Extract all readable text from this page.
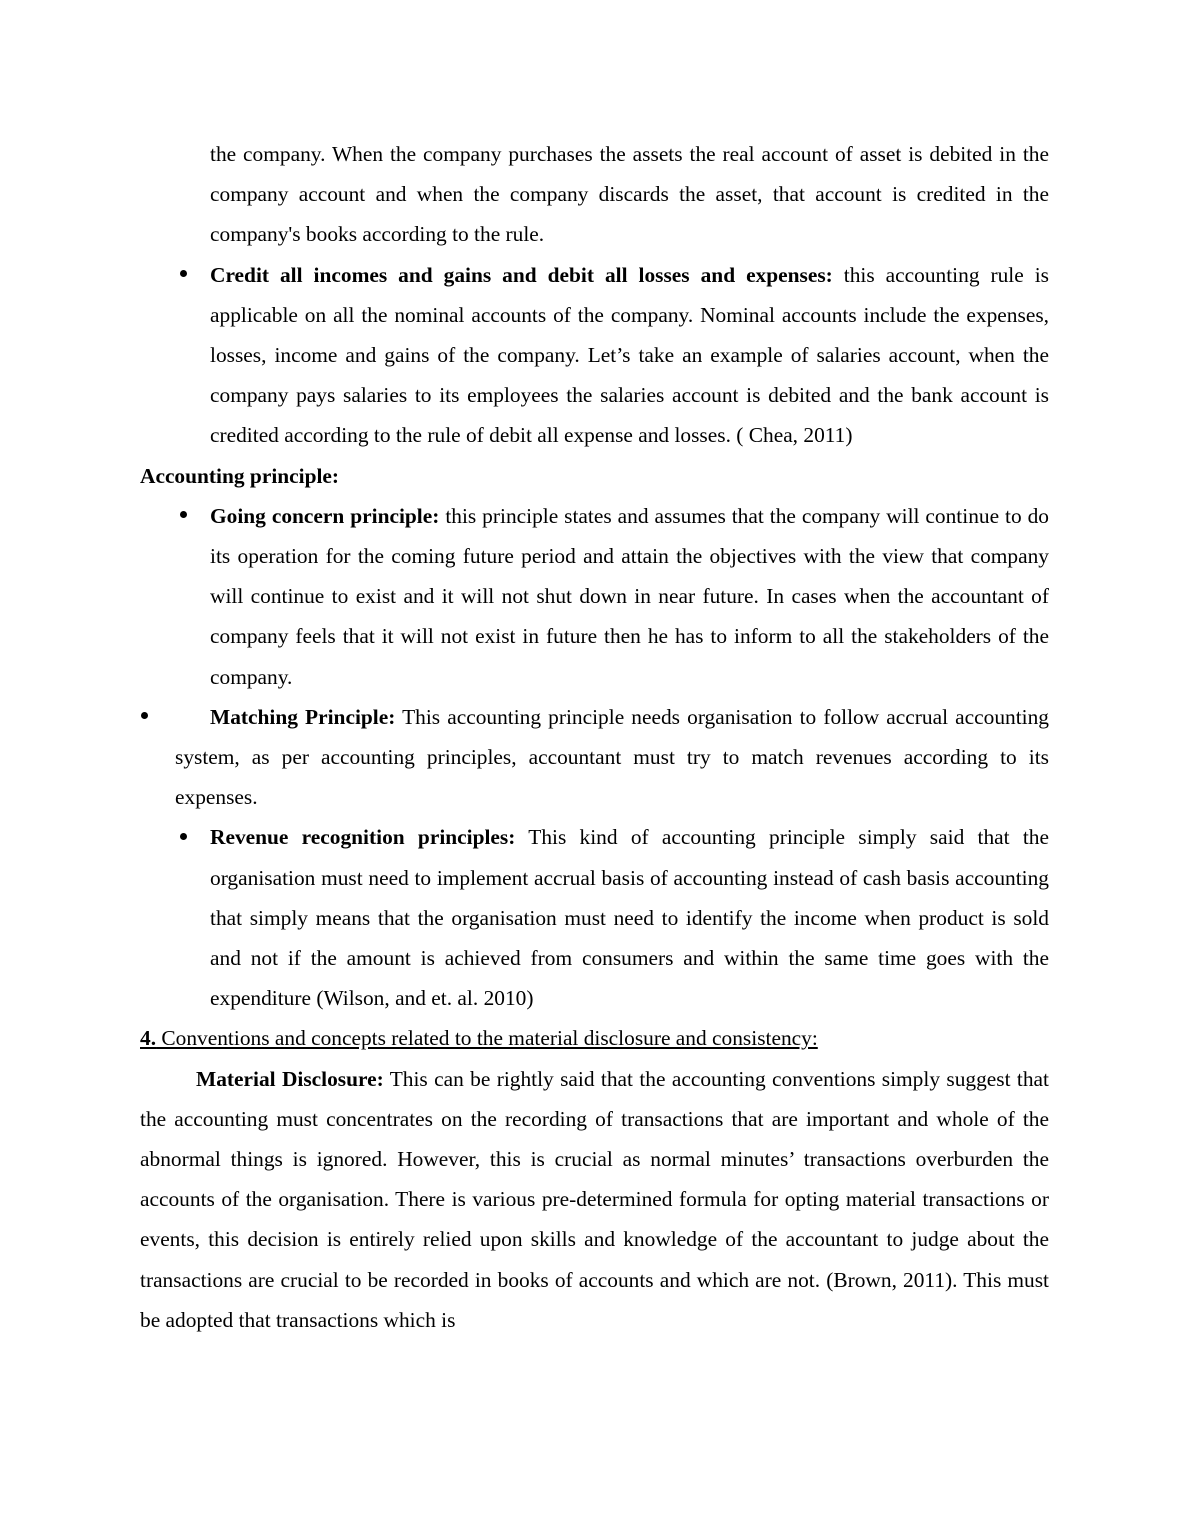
the company. When the company purchases the assets the real account of asset is debited in the company account and when the company discards the asset, that account is credited in the company's books according to the rule.

Credit all incomes and gains and debit all losses and expenses: this accounting rule is applicable on all the nominal accounts of the company. Nominal accounts include the expenses, losses, income and gains of the company. Let’s take an example of salaries account, when the company pays salaries to its employees the salaries account is debited and the bank account is credited according to the rule of debit all expense and losses. ( Chea, 2011)

Accounting principle:

Going concern principle: this principle states and assumes that the company will continue to do its operation for the coming future period and attain the objectives with the view that company will continue to exist and it will not shut down in near future. In cases when the accountant of company feels that it will not exist in future then he has to inform to all the stakeholders of the company.
Matching Principle: This accounting principle needs organisation to follow accrual accounting system, as per accounting principles, accountant must try to match revenues according to its expenses.
Revenue recognition principles: This kind of accounting principle simply said that the organisation must need to implement accrual basis of accounting instead of cash basis accounting that simply means that the organisation must need to identify the income when product is sold and not if the amount is achieved from consumers and within the same time goes with the expenditure (Wilson, and et. al. 2010)

4. Conventions and concepts related to the material disclosure and consistency:

Material Disclosure: This can be rightly said that the accounting conventions simply suggest that the accounting must concentrates on the recording of transactions that are important and whole of the abnormal things is ignored. However, this is crucial as normal minutes’ transactions overburden the accounts of the organisation. There is various pre-determined formula for opting material transactions or events, this decision is entirely relied upon skills and knowledge of the accountant to judge about the transactions are crucial to be recorded in books of accounts and which are not. (Brown, 2011). This must be adopted that transactions which is
